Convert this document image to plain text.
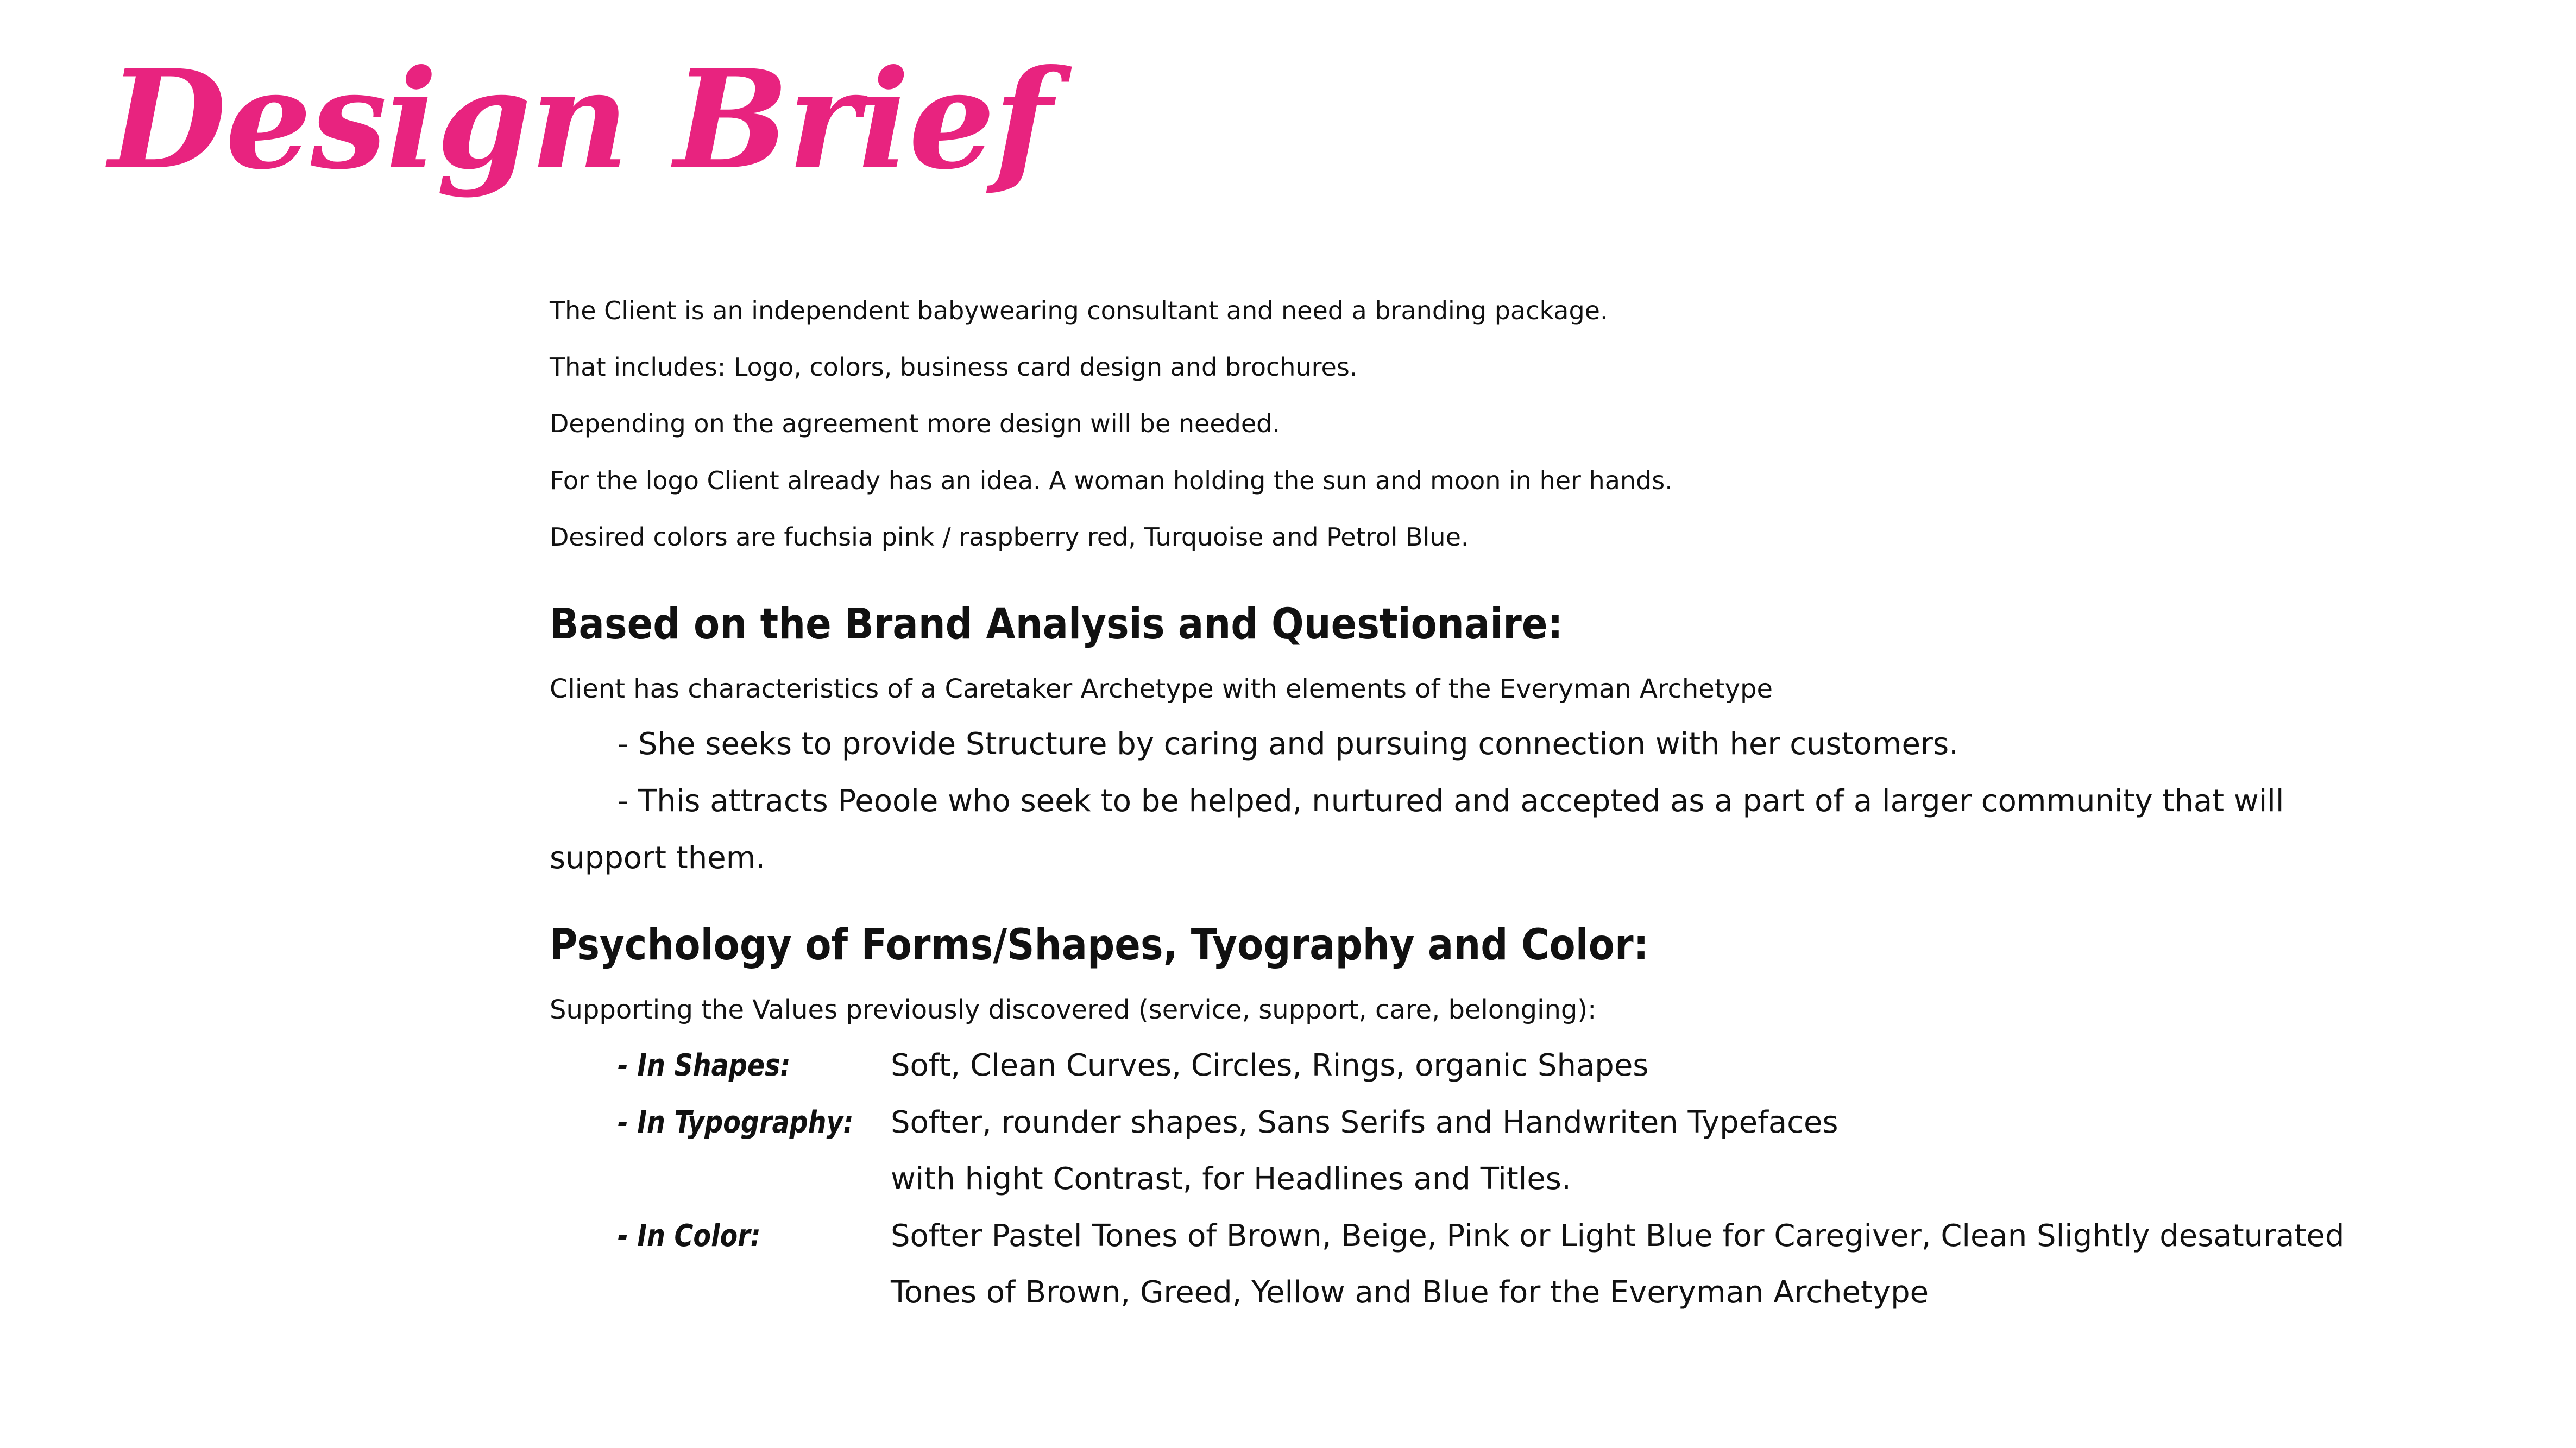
Design Brief
The Client is an independent babywearing consultant and need a branding package.
That includes: Logo, colors, business card design and brochures.
Depending on the agreement more design will be needed.
For the logo Client already has an idea. A woman holding the sun and moon in her hands.
Desired colors are fuchsia pink / raspberry red, Turquoise and Petrol Blue.
Based on the Brand Analysis and Questionaire:
Client has characteristics of a Caretaker Archetype with elements of the Everyman Archetype
- She seeks to provide Structure by caring and pursuing connection with her customers.
- This attracts Peoole who seek to be helped, nurtured and accepted as a part of a larger community that will
support them.
Psychology of Forms/Shapes, Tyography and Color:
Supporting the Values previously discovered (service, support, care, belonging):
- In Shapes:	Soft, Clean Curves, Circles, Rings, organic Shapes
- In Typography: Softer, rounder shapes, Sans Serifs and Handwriten Typefaces
with hight Contrast, for Headlines and Titles.
- In Color:	Softer Pastel Tones of Brown, Beige, Pink or Light Blue for Caregiver, Clean Slightly desaturated
Tones of Brown, Greed, Yellow and Blue for the Everyman Archetype
